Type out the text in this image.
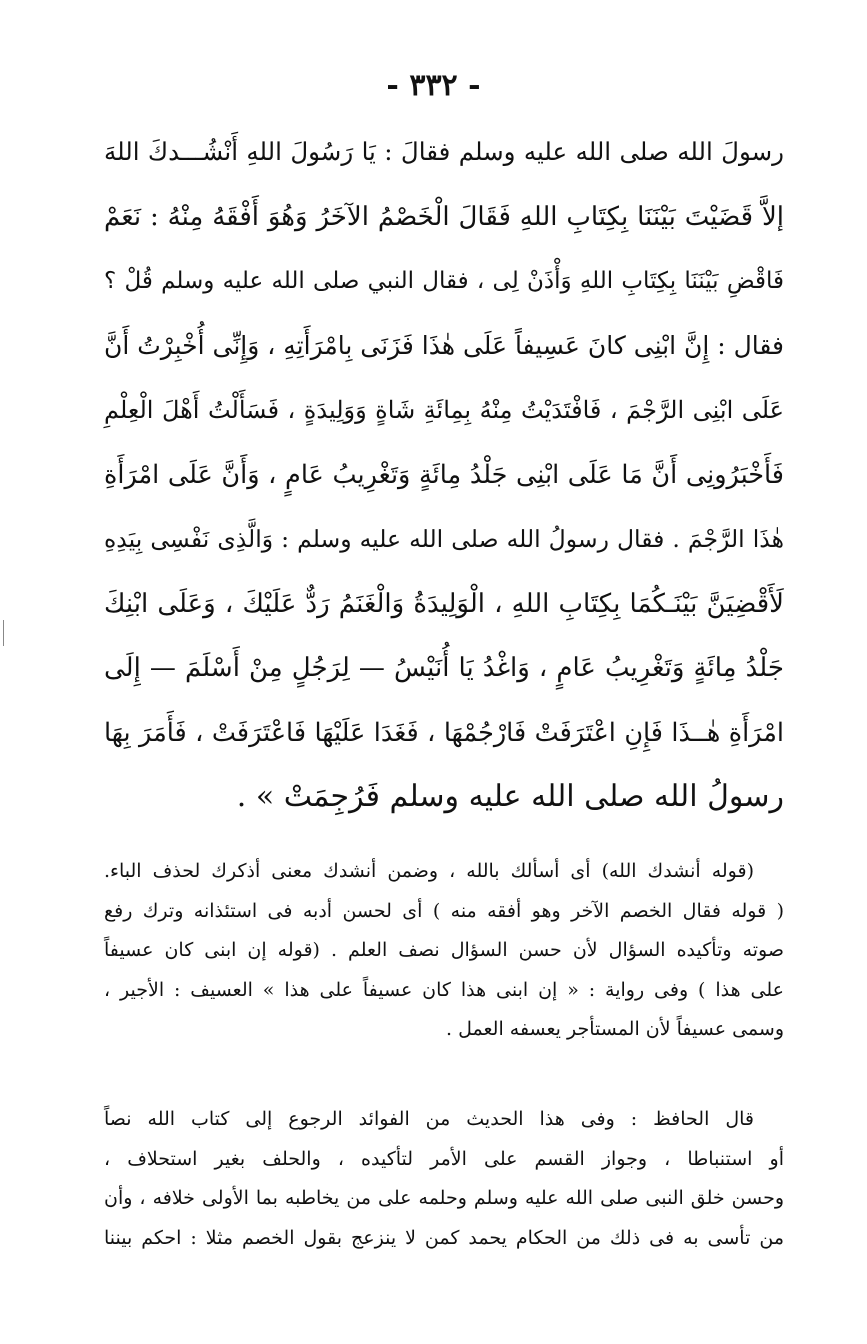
- ٣٣٢ -
رسولَ الله صلى الله عليه وسلم فقالَ : يَا رَسُولَ اللهِ أَنْشُـــدكَ اللهَ
إلاَّ قَضَيْتَ بَيْنَنَا بِكِتَابِ اللهِ فَقَالَ الْخَصْمُ الآخَرُ وَهُوَ أَفْقَهُ مِنْهُ : نَعَمْ
فَاقْضِ بَيْنَنَا بِكِتَابِ اللهِ وَأْذَنْ لِى ، فقال النبي صلى الله عليه وسلم قُلْ ؟
فقال : إِنَّ ابْنِى كانَ عَسِيفاً عَلَى هٰذَا فَزَنَى بِامْرَأَتِهِ ، وَإِنِّى أُخْبِرْتُ أَنَّ
عَلَى ابْنِى الرَّجْمَ ، فَافْتَدَيْتُ مِنْهُ بِمِائَةِ شَاةٍ وَوَلِيدَةٍ ، فَسَأَلْتُ أَهْلَ الْعِلْمِ
فَأَخْبَرُونِى أَنَّ مَا عَلَى ابْنِى جَلْدُ مِائَةٍ وَتَغْرِيبُ عَامٍ ، وَأَنَّ عَلَى امْرَأَةِ
هٰذَا الرَّجْمَ . فقال رسولُ الله صلى الله عليه وسلم : وَالَّذِى نَفْسِى بِيَدِهِ
لَأَقْضِيَنَّ بَيْنَـكُمَا بِكِتَابِ اللهِ ، الْوَلِيدَةُ وَالْغَنَمُ رَدٌّ عَلَيْكَ ، وَعَلَى ابْنِكَ
جَلْدُ مِائَةٍ وَتَغْرِيبُ عَامٍ ، وَاغْدُ يَا أُنَيْسُ — لِرَجُلٍ مِنْ أَسْلَمَ — إِلَى
امْرَأَةِ هٰــذَا فَإِنِ اعْتَرَفَتْ فَارْجُمْهَا ، فَغَدَا عَلَيْهَا فَاعْتَرَفَتْ ، فَأَمَرَ بِهَا
رسولُ الله صلى الله عليه وسلم فَرُجِمَتْ » .
(قوله أنشدك الله) أى أسألك بالله ، وضمن أنشدك معنى أذكرك لحذف الباء.
( قوله فقال الخصم الآخر وهو أفقه منه ) أى لحسن أدبه فى استئذانه وترك رفع
صوته وتأكيده السؤال لأن حسن السؤال نصف العلم . (قوله إن ابنى كان عسيفاً
على هذا ) وفى رواية : « إن ابنى هذا كان عسيفاً على هذا » العسيف : الأجير ،
وسمى عسيفاً لأن المستأجر يعسفه العمل .
قال الحافظ : وفى هذا الحديث من الفوائد الرجوع إلى كتاب الله نصاً
أو استنباطا ، وجواز القسم على الأمر لتأكيده ، والحلف بغير استحلاف ،
وحسن خلق النبى صلى الله عليه وسلم وحلمه على من يخاطبه بما الأولى خلافه ، وأن
من تأسى به فى ذلك من الحكام يحمد كمن لا ينزعج بقول الخصم مثلا : احكم بيننا
